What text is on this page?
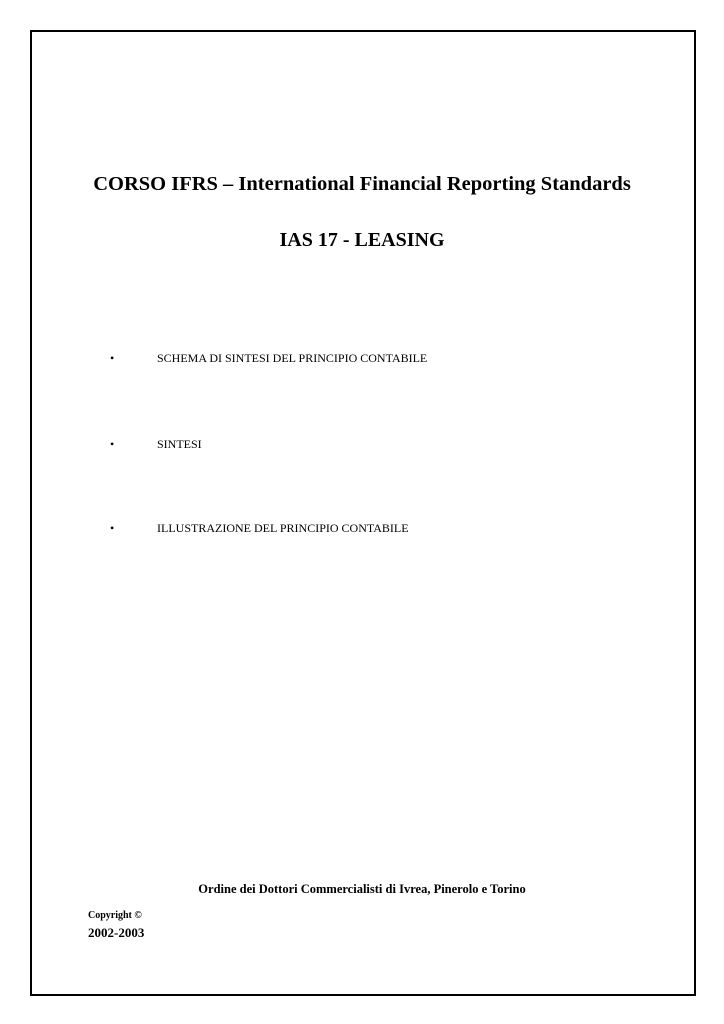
CORSO IFRS – International Financial Reporting Standards
IAS 17 - LEASING
•	SCHEMA DI SINTESI DEL PRINCIPIO CONTABILE
•	SINTESI
•	ILLUSTRAZIONE DEL PRINCIPIO CONTABILE
Ordine dei Dottori Commercialisti di Ivrea, Pinerolo e Torino
Copyright ©
2002-2003
